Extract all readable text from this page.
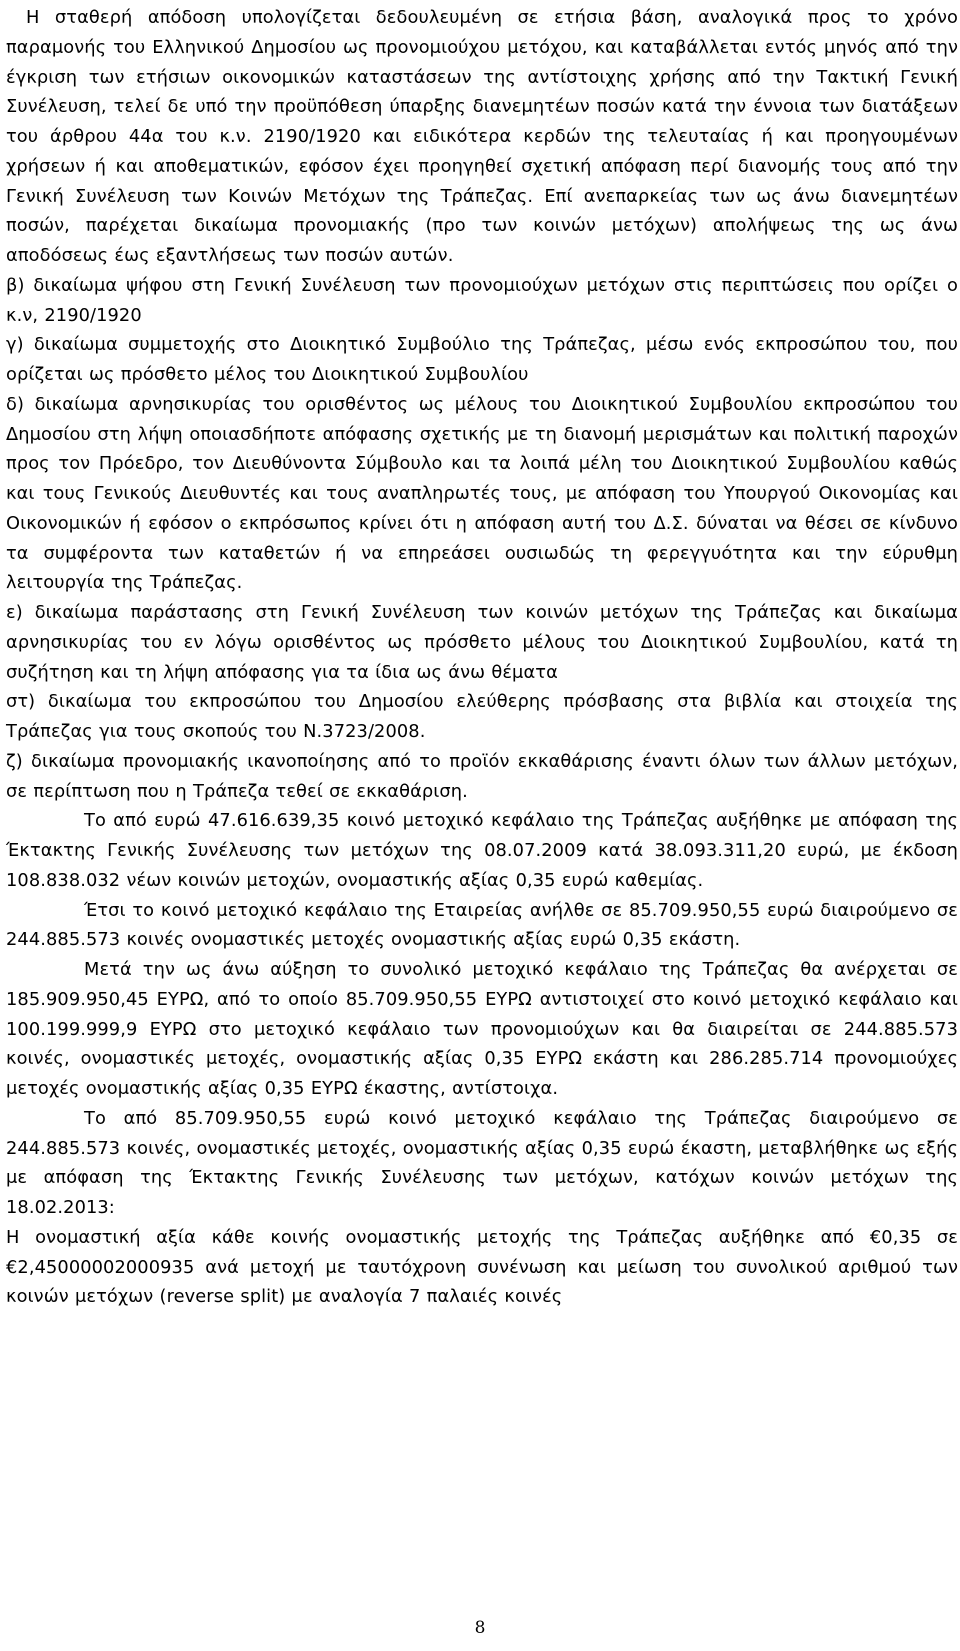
Η σταθερή απόδοση υπολογίζεται δεδουλευμένη σε ετήσια βάση, αναλογικά προς το χρόνο παραμονής του Ελληνικού Δημοσίου ως προνομιούχου μετόχου, και καταβάλλεται εντός μηνός από την έγκριση των ετήσιων οικονομικών καταστάσεων της αντίστοιχης χρήσης από την Τακτική Γενική Συνέλευση, τελεί δε υπό την προϋπόθεση ύπαρξης διανεμητέων ποσών κατά την έννοια των διατάξεων του άρθρου 44α του κ.ν. 2190/1920 και ειδικότερα κερδών της τελευταίας ή και προηγουμένων χρήσεων ή και αποθεματικών, εφόσον έχει προηγηθεί σχετική απόφαση περί διανομής τους από την Γενική Συνέλευση των Κοινών Μετόχων της Τράπεζας. Επί ανεπαρκείας των ως άνω διανεμητέων ποσών, παρέχεται δικαίωμα προνομιακής (προ των κοινών μετόχων) απολήψεως της ως άνω αποδόσεως έως εξαντλήσεως των ποσών αυτών.

β) δικαίωμα ψήφου στη Γενική Συνέλευση των προνομιούχων μετόχων στις περιπτώσεις που ορίζει ο κ.ν, 2190/1920

γ) δικαίωμα συμμετοχής στο Διοικητικό Συμβούλιο της Τράπεζας, μέσω ενός εκπροσώπου του, που ορίζεται ως πρόσθετο μέλος του Διοικητικού Συμβουλίου

δ) δικαίωμα αρνησικυρίας του ορισθέντος ως μέλους του Διοικητικού Συμβουλίου εκπροσώπου του Δημοσίου στη λήψη οποιασδήποτε απόφασης σχετικής με τη διανομή μερισμάτων και πολιτική παροχών προς τον Πρόεδρο, τον Διευθύνοντα Σύμβουλο και τα λοιπά μέλη του Διοικητικού Συμβουλίου καθώς και τους Γενικούς Διευθυντές και τους αναπληρωτές τους, με απόφαση του Υπουργού Οικονομίας και Οικονομικών ή εφόσον ο εκπρόσωπος κρίνει ότι η απόφαση αυτή του Δ.Σ. δύναται να θέσει σε κίνδυνο τα συμφέροντα των καταθετών ή να επηρεάσει ουσιωδώς τη φερεγγυότητα και την εύρυθμη λειτουργία της Τράπεζας.

ε) δικαίωμα παράστασης στη Γενική Συνέλευση των κοινών μετόχων της Τράπεζας και δικαίωμα αρνησικυρίας του εν λόγω ορισθέντος ως πρόσθετο μέλους του Διοικητικού Συμβουλίου, κατά τη συζήτηση και τη λήψη απόφασης για τα ίδια ως άνω θέματα

στ) δικαίωμα του εκπροσώπου του Δημοσίου ελεύθερης πρόσβασης στα βιβλία και στοιχεία της Τράπεζας για τους σκοπούς του Ν.3723/2008.

ζ) δικαίωμα προνομιακής ικανοποίησης από το προϊόν εκκαθάρισης έναντι όλων των άλλων μετόχων, σε περίπτωση που η Τράπεζα τεθεί σε εκκαθάριση.

Το από ευρώ 47.616.639,35 κοινό μετοχικό κεφάλαιο της Τράπεζας αυξήθηκε με απόφαση της Έκτακτης Γενικής Συνέλευσης των μετόχων της 08.07.2009 κατά 38.093.311,20 ευρώ, με έκδοση 108.838.032 νέων κοινών μετοχών, ονομαστικής αξίας 0,35 ευρώ καθεμίας.

Έτσι το κοινό μετοχικό κεφάλαιο της Εταιρείας ανήλθε σε 85.709.950,55 ευρώ διαιρούμενο σε 244.885.573 κοινές ονομαστικές μετοχές ονομαστικής αξίας ευρώ 0,35 εκάστη.

Μετά την ως άνω αύξηση το συνολικό μετοχικό κεφάλαιο της Τράπεζας θα ανέρχεται σε 185.909.950,45 ΕΥΡΩ, από το οποίο 85.709.950,55 ΕΥΡΩ αντιστοιχεί στο κοινό μετοχικό κεφάλαιο και 100.199.999,9 ΕΥΡΩ στο μετοχικό κεφάλαιο των προνομιούχων και θα διαιρείται σε 244.885.573 κοινές, ονομαστικές μετοχές, ονομαστικής αξίας 0,35 ΕΥΡΩ εκάστη και 286.285.714 προνομιούχες μετοχές ονομαστικής αξίας 0,35 ΕΥΡΩ έκαστης, αντίστοιχα.

Το από 85.709.950,55 ευρώ κοινό μετοχικό κεφάλαιο της Τράπεζας διαιρούμενο σε 244.885.573 κοινές, ονομαστικές μετοχές, ονομαστικής αξίας 0,35 ευρώ έκαστη, μεταβλήθηκε ως εξής με απόφαση της Έκτακτης Γενικής Συνέλευσης των μετόχων, κατόχων κοινών μετόχων της 18.02.2013:

Η ονομαστική αξία κάθε κοινής ονομαστικής μετοχής της Τράπεζας αυξήθηκε από €0,35 σε €2,45000002000935 ανά μετοχή με ταυτόχρονη συνένωση και μείωση του συνολικού αριθμού των κοινών μετόχων (reverse split) με αναλογία 7 παλαιές κοινές

8
